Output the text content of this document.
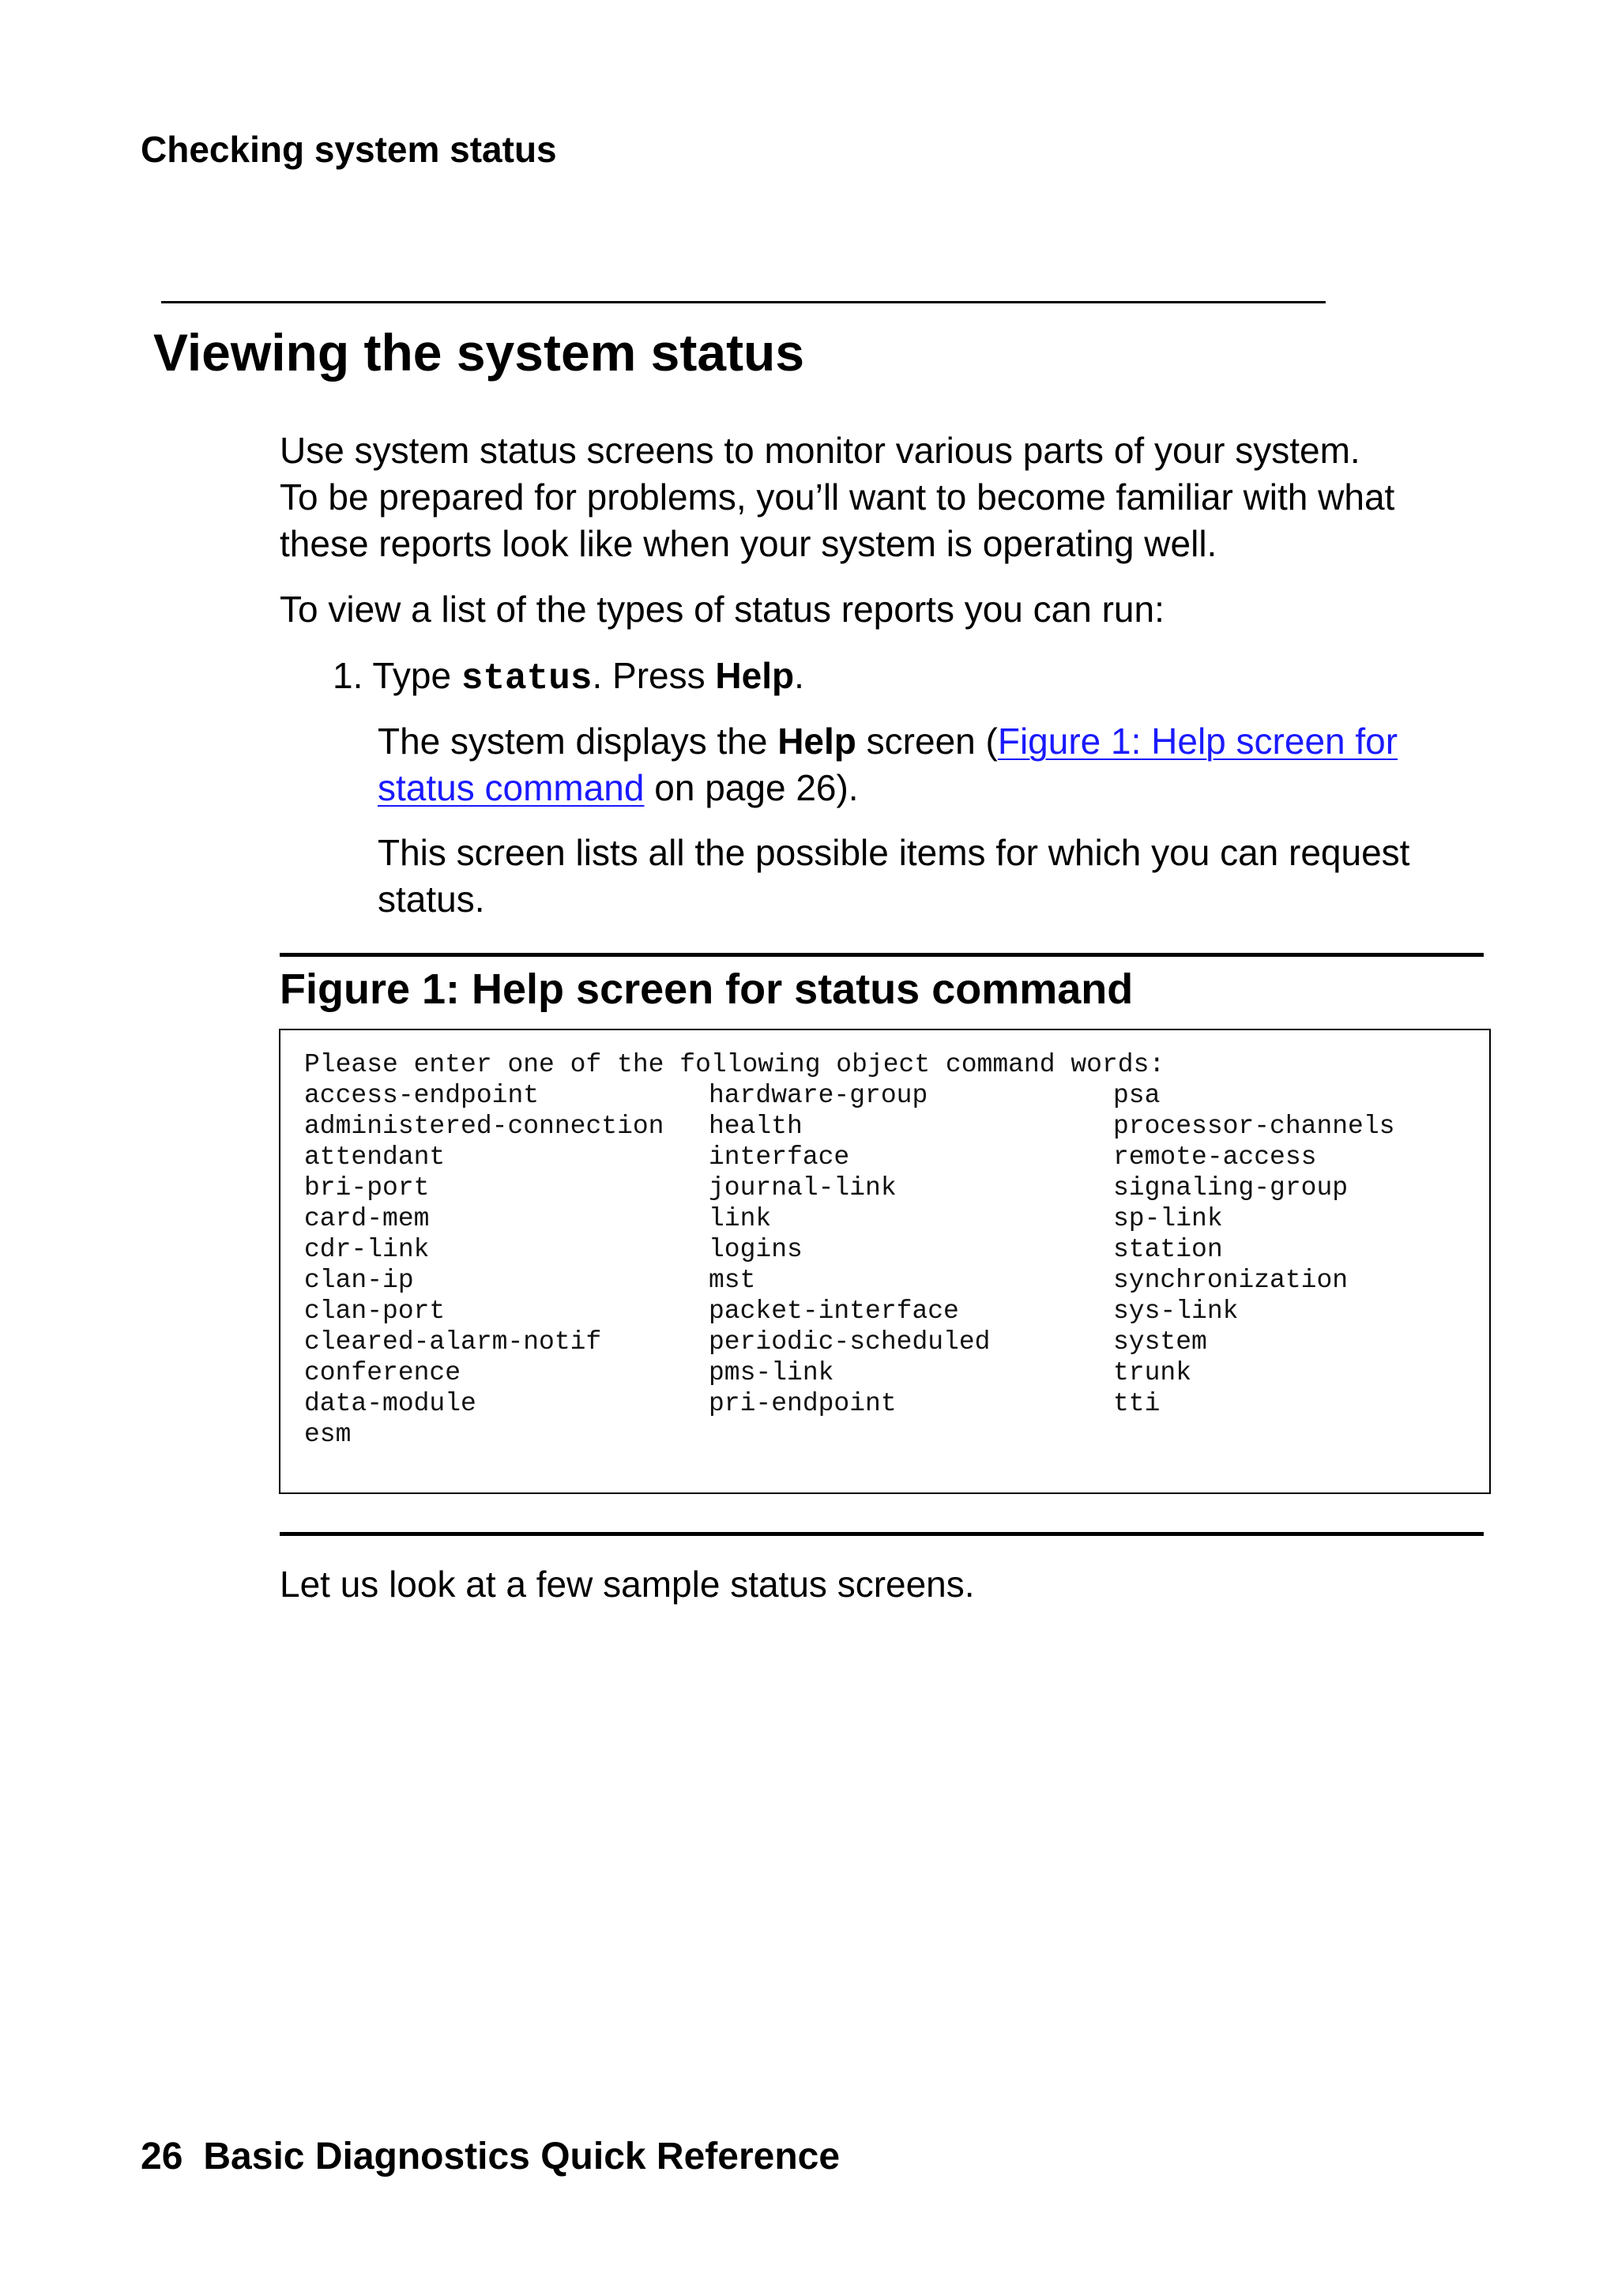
Checking system status
Viewing the system status

Use system status screens to monitor various parts of your system.
To be prepared for problems, you’ll want to become familiar with what
these reports look like when your system is operating well.

To view a list of the types of status reports you can run:

1. Type status. Press Help.

The system displays the Help screen (Figure 1: Help screen for
status command on page 26).

This screen lists all the possible items for which you can request
status.

Figure 1: Help screen for status command
Please enter one of the following object command words:
access-endpoint	hardware-group	psa
administered-connection	health	processor-channels
attendant	interface	remote-access
bri-port	journal-link	signaling-group
card-mem	link	sp-link
cdr-link	logins	station
clan-ip	mst	synchronization
clan-port	packet-interface	sys-link
cleared-alarm-notif	periodic-scheduled	system
conference	pms-link	trunk
data-module	pri-endpoint	tti
esm

Let us look at a few sample status screens.

26 Basic Diagnostics Quick Reference
